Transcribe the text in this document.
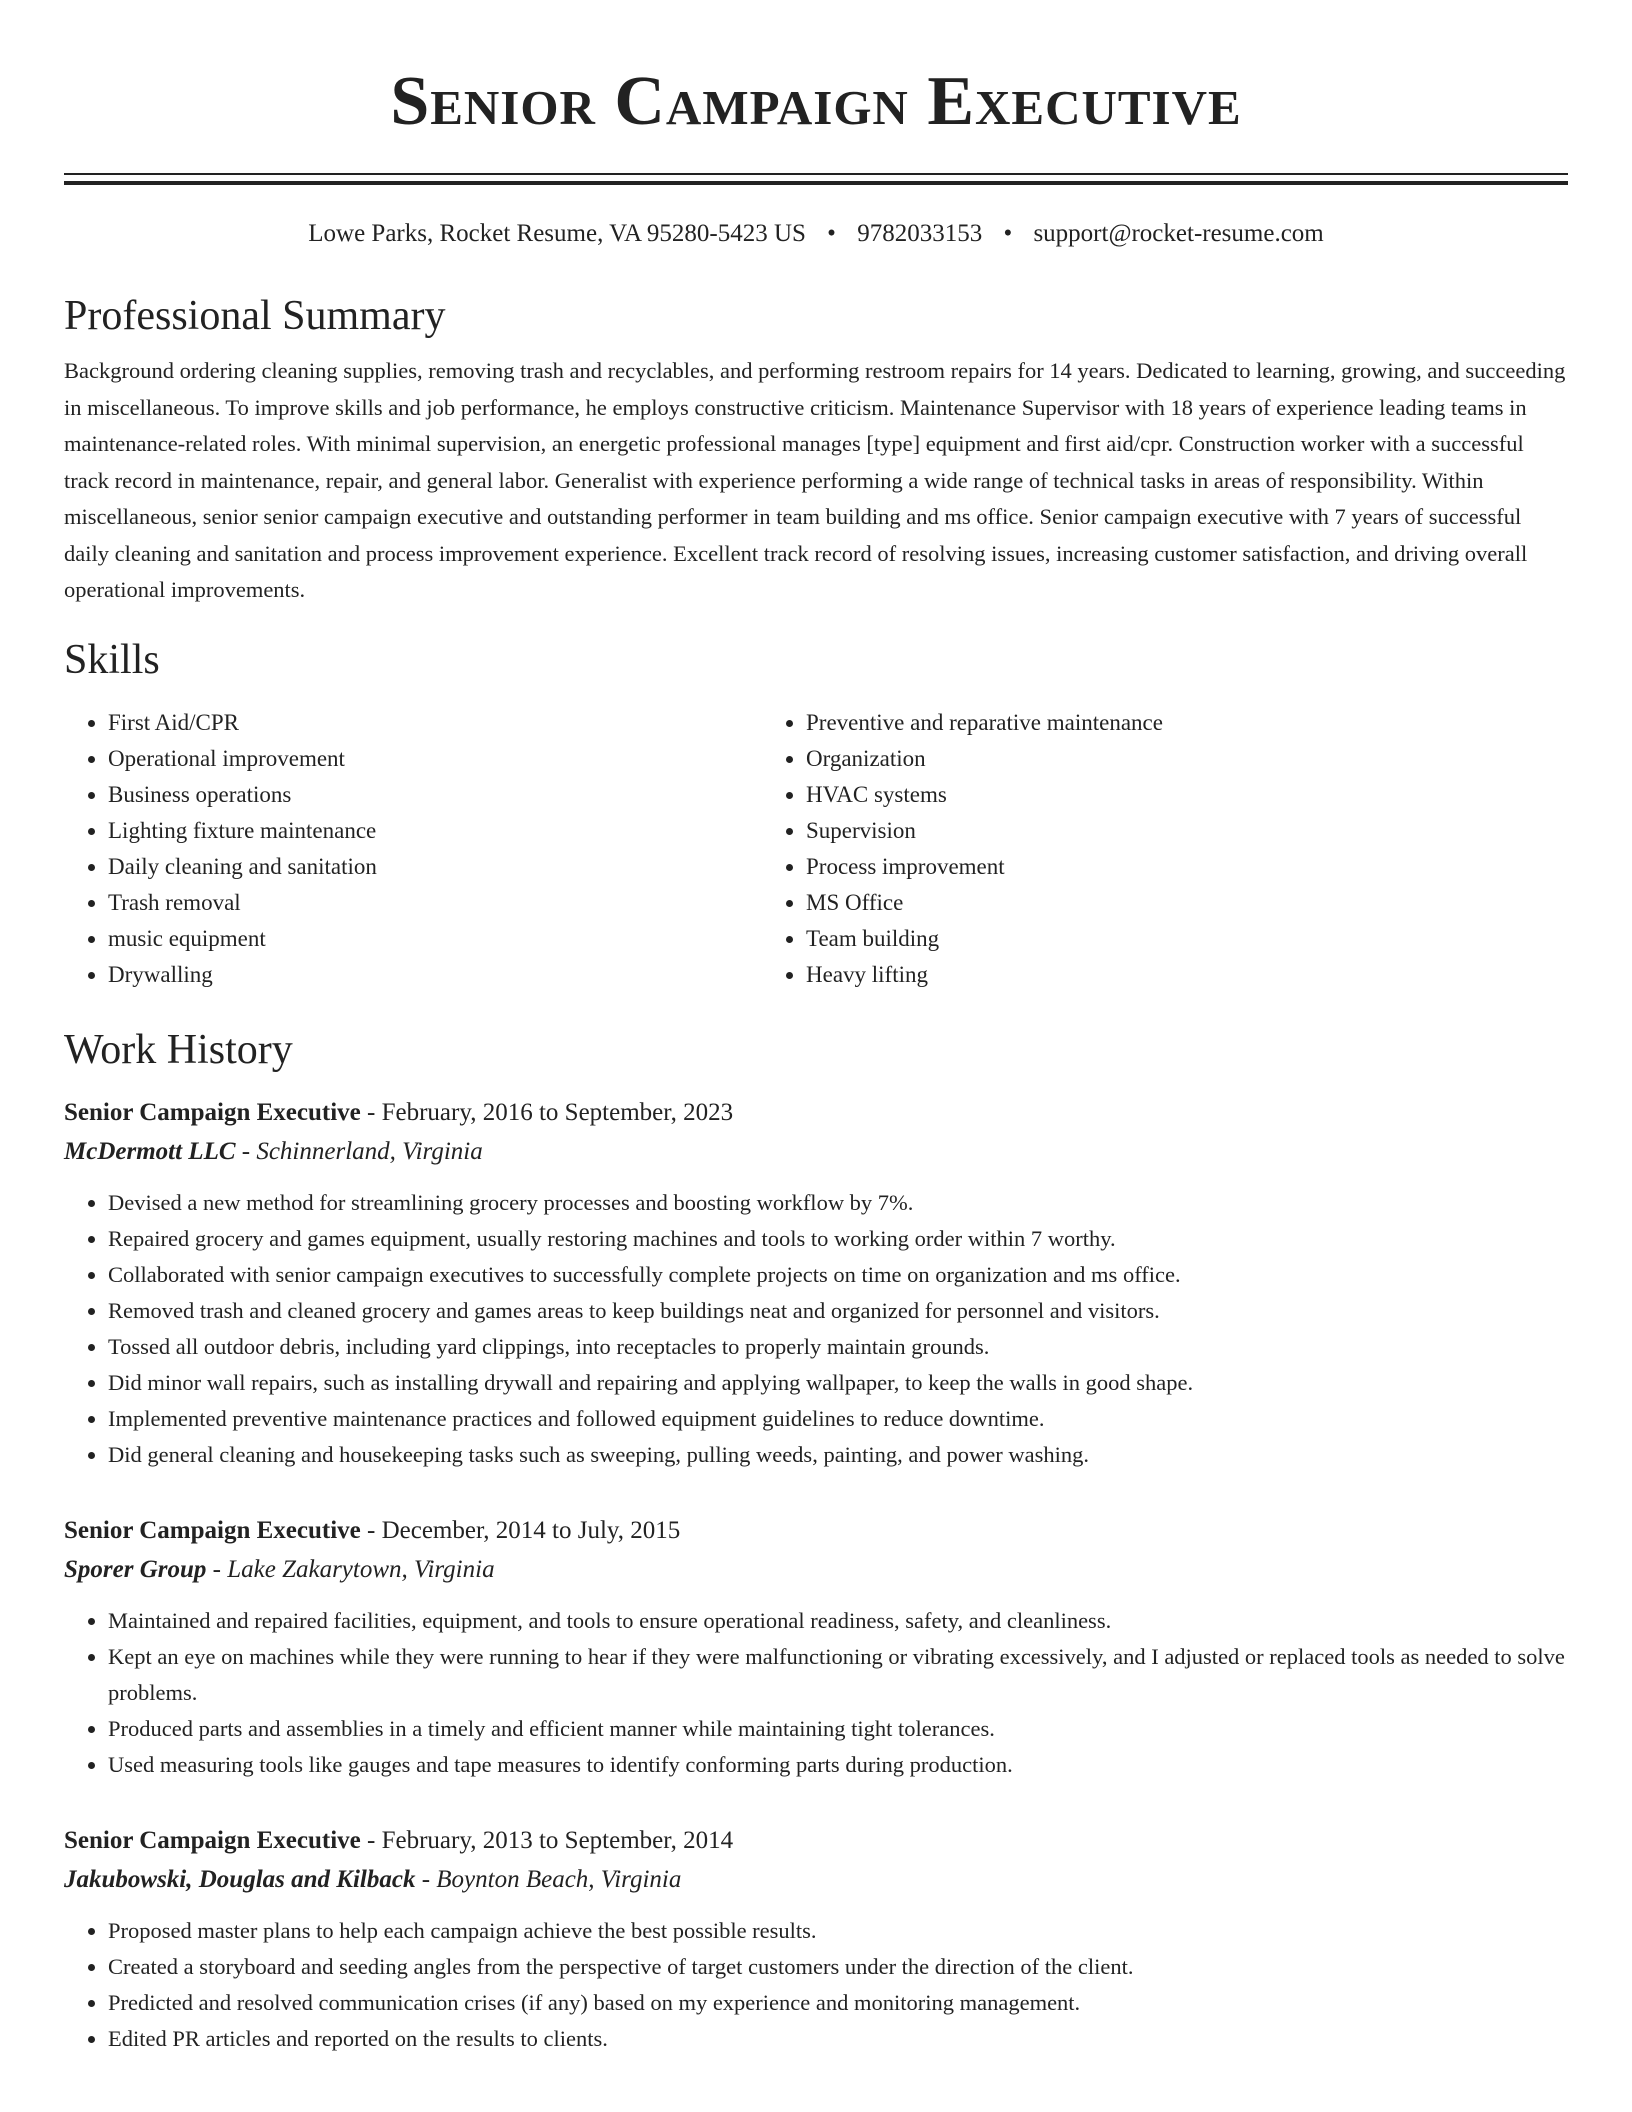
Senior Campaign Executive
Lowe Parks, Rocket Resume, VA 95280-5423 US • 9782033153 • support@rocket-resume.com
Professional Summary

Background ordering cleaning supplies, removing trash and recyclables, and performing restroom repairs for 14 years. Dedicated to learning, growing, and succeeding in miscellaneous. To improve skills and job performance, he employs constructive criticism. Maintenance Supervisor with 18 years of experience leading teams in maintenance-related roles. With minimal supervision, an energetic professional manages [type] equipment and first aid/cpr. Construction worker with a successful track record in maintenance, repair, and general labor. Generalist with experience performing a wide range of technical tasks in areas of responsibility. Within miscellaneous, senior senior campaign executive and outstanding performer in team building and ms office. Senior campaign executive with 7 years of successful daily cleaning and sanitation and process improvement experience. Excellent track record of resolving issues, increasing customer satisfaction, and driving overall operational improvements.

Skills
• First Aid/CPR
• Operational improvement
• Business operations
• Lighting fixture maintenance
• Daily cleaning and sanitation
• Trash removal
• music equipment
• Drywalling
• Preventive and reparative maintenance
• Organization
• HVAC systems
• Supervision
• Process improvement
• MS Office
• Team building
• Heavy lifting
Work History
Senior Campaign Executive - February, 2016 to September, 2023
McDermott LLC - Schinnerland, Virginia
• Devised a new method for streamlining grocery processes and boosting workflow by 7%.
• Repaired grocery and games equipment, usually restoring machines and tools to working order within 7 worthy.
• Collaborated with senior campaign executives to successfully complete projects on time on organization and ms office.
• Removed trash and cleaned grocery and games areas to keep buildings neat and organized for personnel and visitors.
• Tossed all outdoor debris, including yard clippings, into receptacles to properly maintain grounds.
• Did minor wall repairs, such as installing drywall and repairing and applying wallpaper, to keep the walls in good shape.
• Implemented preventive maintenance practices and followed equipment guidelines to reduce downtime.
• Did general cleaning and housekeeping tasks such as sweeping, pulling weeds, painting, and power washing.
Senior Campaign Executive - December, 2014 to July, 2015
Sporer Group - Lake Zakarytown, Virginia
• Maintained and repaired facilities, equipment, and tools to ensure operational readiness, safety, and cleanliness.
• Kept an eye on machines while they were running to hear if they were malfunctioning or vibrating excessively, and I adjusted or replaced tools as needed to solve problems.
• Produced parts and assemblies in a timely and efficient manner while maintaining tight tolerances.
• Used measuring tools like gauges and tape measures to identify conforming parts during production.
Senior Campaign Executive - February, 2013 to September, 2014
Jakubowski, Douglas and Kilback - Boynton Beach, Virginia
• Proposed master plans to help each campaign achieve the best possible results.
• Created a storyboard and seeding angles from the perspective of target customers under the direction of the client.
• Predicted and resolved communication crises (if any) based on my experience and monitoring management.
• Edited PR articles and reported on the results to clients.
